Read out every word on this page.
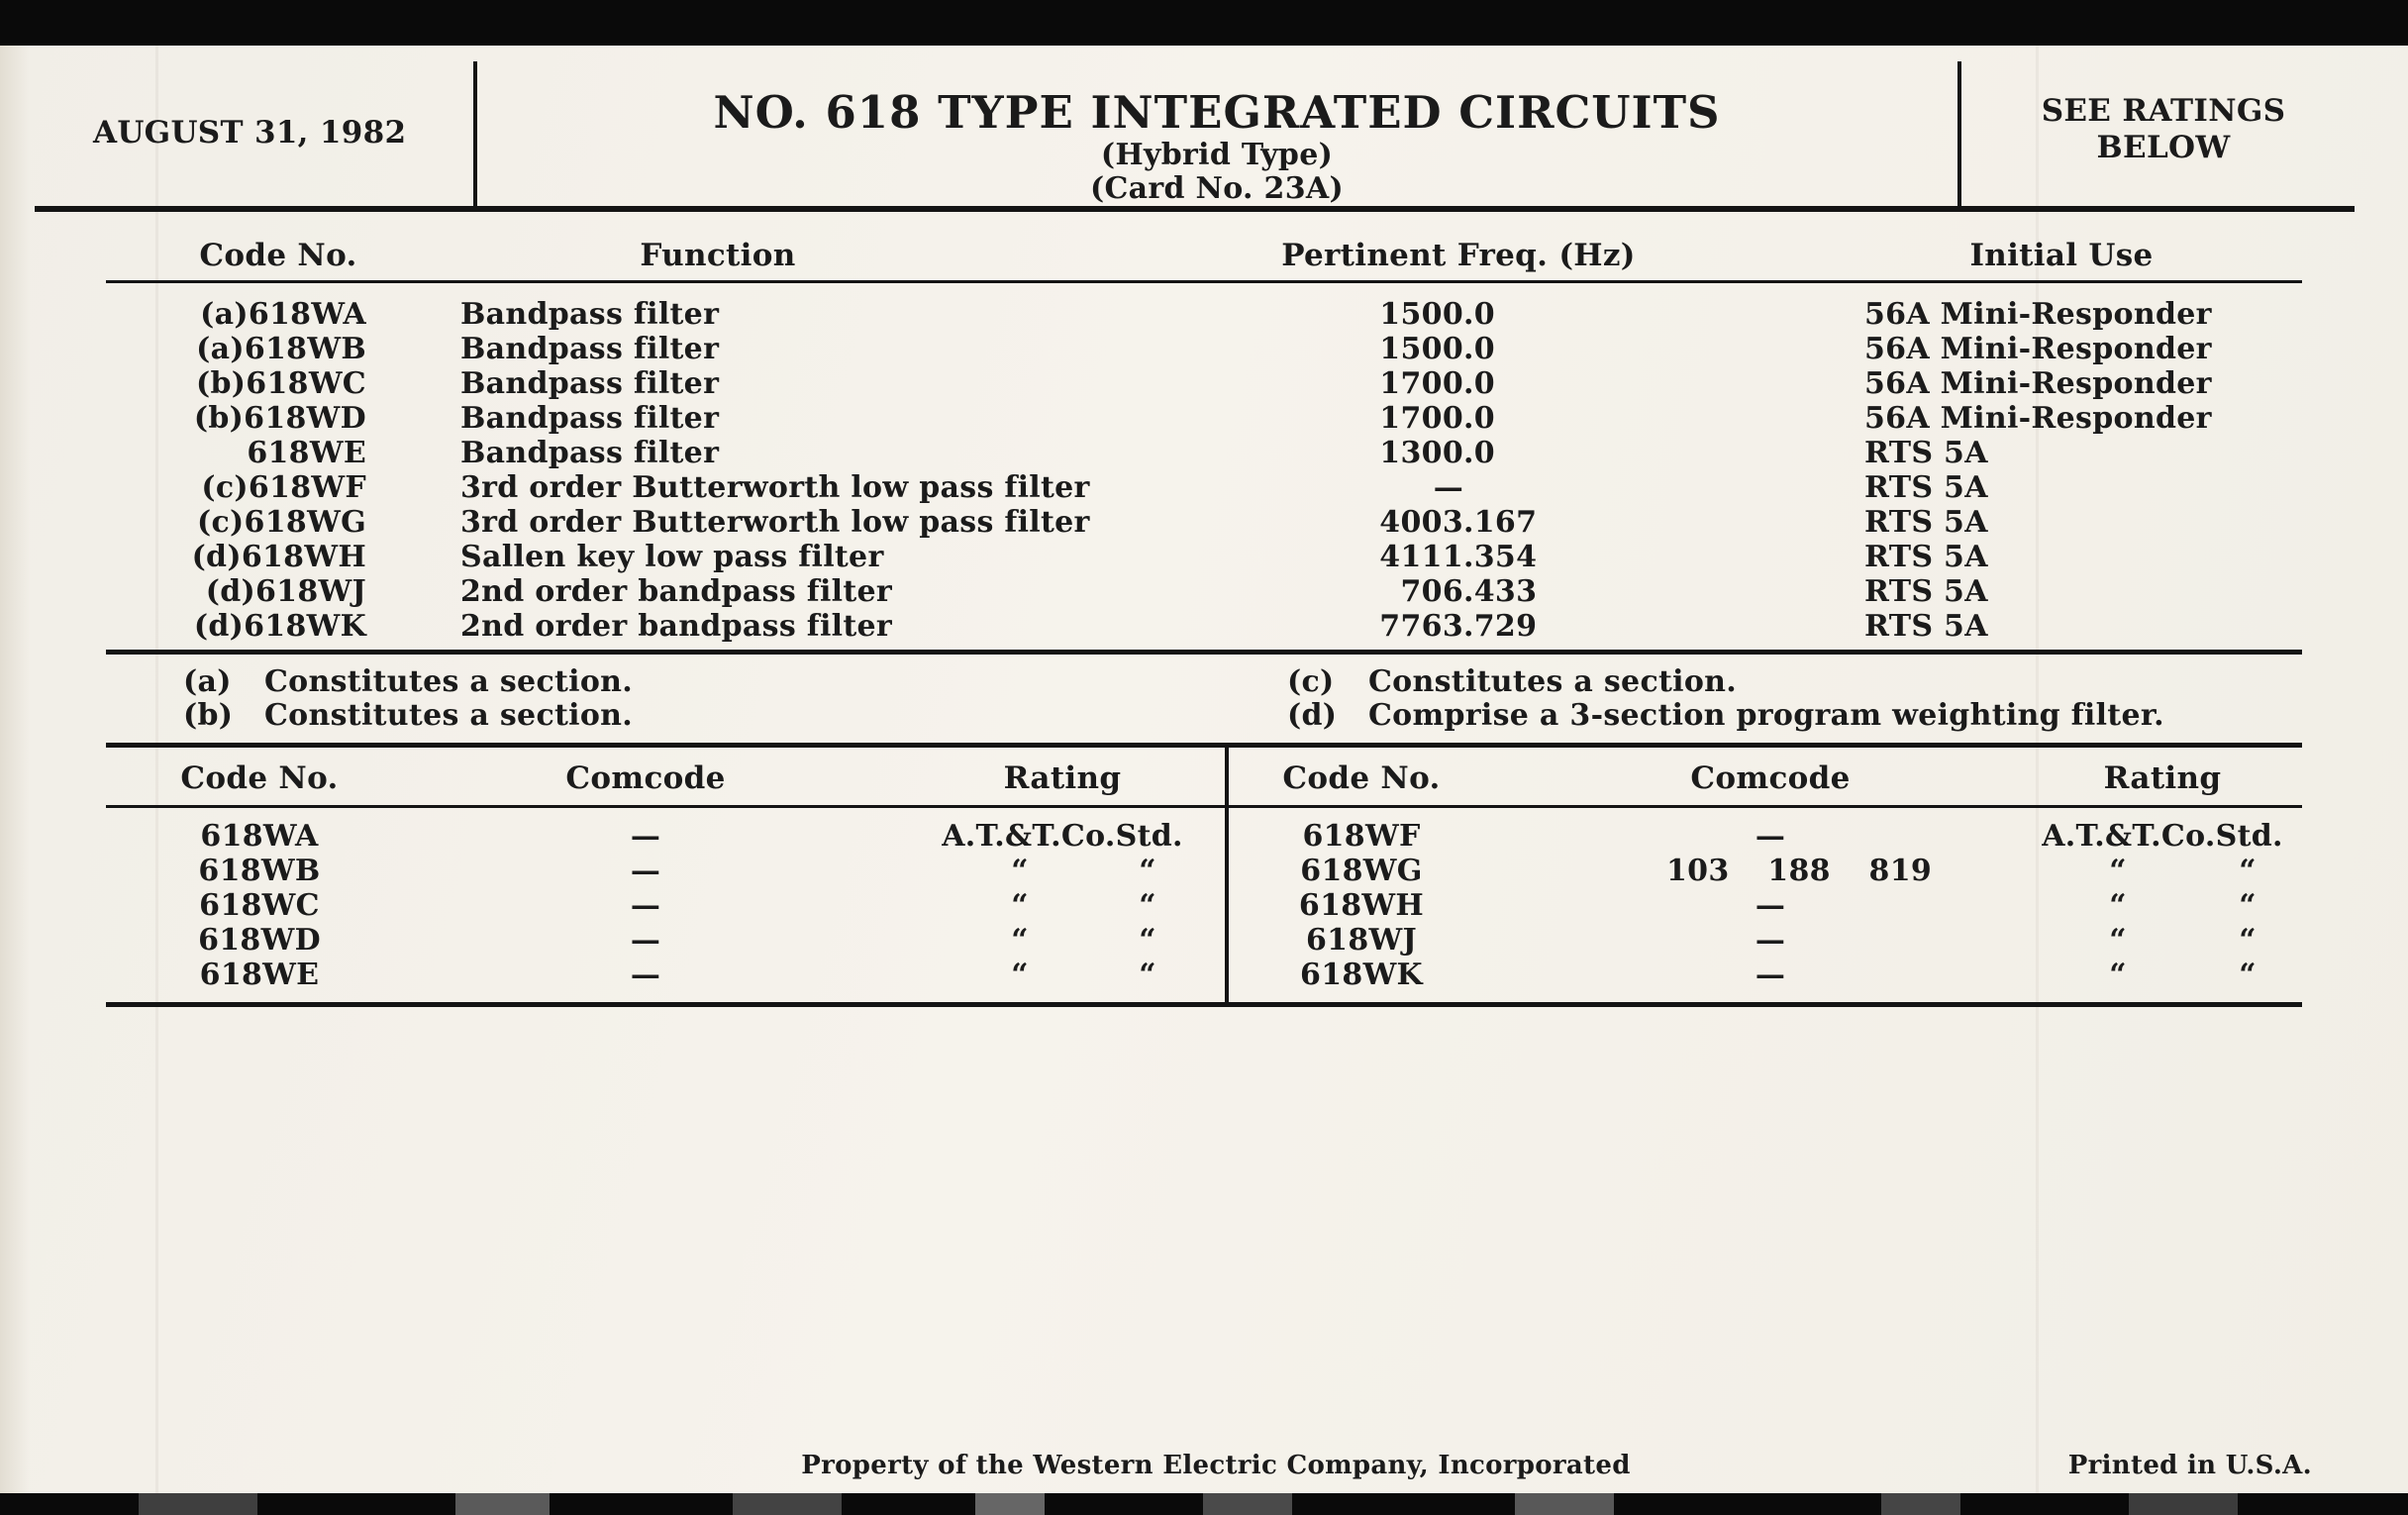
AUGUST 31, 1982	NO. 618 TYPE INTEGRATED CIRCUITS
(Hybrid Type)
(Card No. 23A)
SEE RATINGS
BELOW
Code No.	Function	Pertinent Freq. (Hz)	Initial Use
(a)618WA	Bandpass filter	1500 .0	56A Mini-Responder
(a)618WB	Bandpass filter	1500 .0	56A Mini-Responder
(b)618WC	Bandpass filter	1700 .0	56A Mini-Responder
(b)618WD	Bandpass filter	1700 .0	56A Mini-Responder
618WE	Bandpass filter	1300 .0	RTS 5A
(c)618WF	3rd order Butterworth low pass filter	—	RTS 5A
(c)618WG	3rd order Butterworth low pass filter	4003 .167	RTS 5A
(d)618WH	Sallen key low pass filter	4111 .354	RTS 5A
(d)618WJ	2nd order bandpass filter	706 .433	RTS 5A
(d)618WK	2nd order bandpass filter	7763 .729	RTS 5A
(a) Constitutes a section.
(b) Constitutes a section.
(c) Constitutes a section.
(d) Comprise a 3-section program weighting filter.
Code No.	Comcode	Rating
618WA	—	A.T.&T.Co.Std.
618WB	—	“	“
618WC	—	“	“
618WD	—	“	“
618WE	—	“	“
Code No.	Comcode	Rating
618WF	—	A.T.&T.Co.Std.
618WG	103 188 819	“	“
618WH	—	“	“
618WJ	—	“	“
618WK	—	“	“
Property of the Western Electric Company, Incorporated	Printed in U.S.A.
